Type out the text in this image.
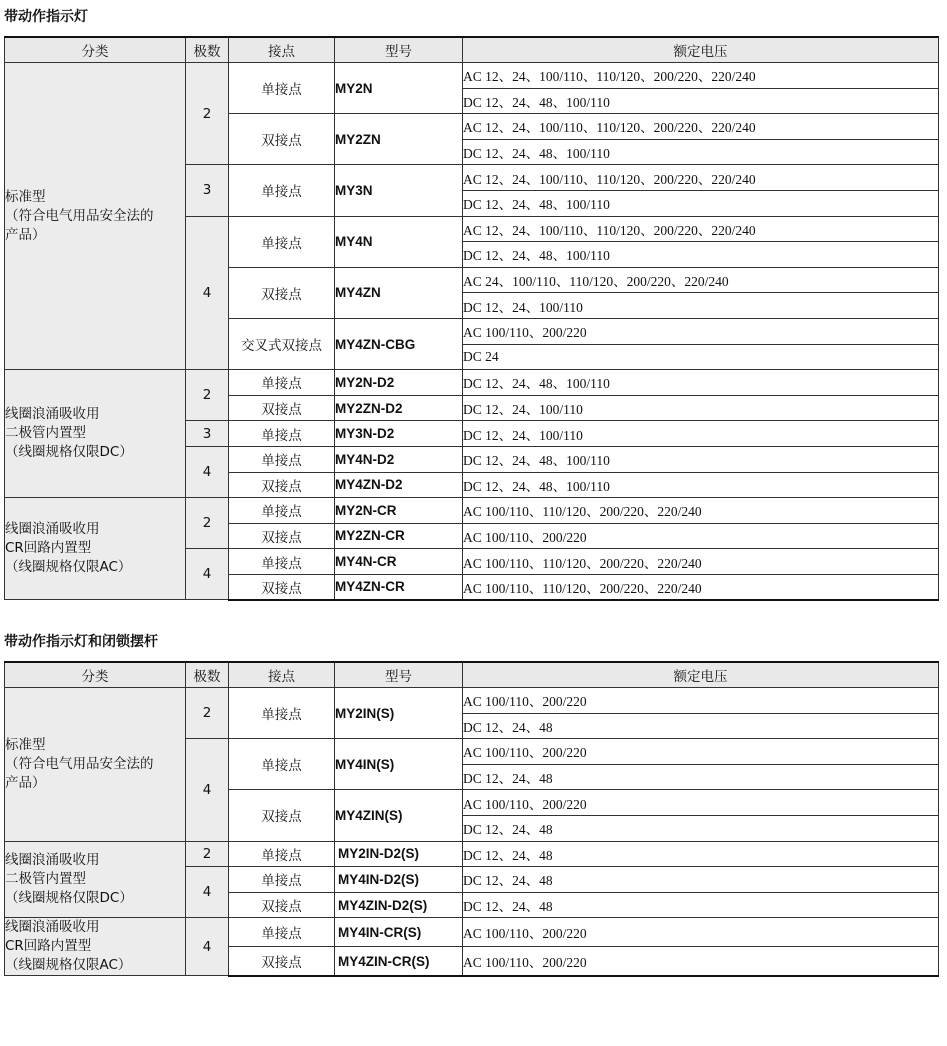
带动作指示灯
分类	极数	接点	型号	额定电压

标准型
（符合电气用品安全法的
产品）	2	单接点	MY2N	AC 12、24、100/110、110/120、200/220、220/240
				DC 12、24、48、100/110
		双接点	MY2ZN	AC 12、24、100/110、110/120、200/220、220/240
				DC 12、24、48、100/110
	3	单接点	MY3N	AC 12、24、100/110、110/120、200/220、220/240
				DC 12、24、48、100/110
	4	单接点	MY4N	AC 12、24、100/110、110/120、200/220、220/240
				DC 12、24、48、100/110
		双接点	MY4ZN	AC 24、100/110、110/120、200/220、220/240
				DC 12、24、100/110
		交叉式双接点	MY4ZN-CBG	AC 100/110、200/220
				DC 24

线圈浪涌吸收用
二极管内置型
（线圈规格仅限DC）	2	单接点	MY2N-D2	DC 12、24、48、100/110
		双接点	MY2ZN-D2	DC 12、24、100/110
	3	单接点	MY3N-D2	DC 12、24、100/110
	4	单接点	MY4N-D2	DC 12、24、48、100/110
		双接点	MY4ZN-D2	DC 12、24、48、100/110

线圈浪涌吸收用
CR回路内置型
（线圈规格仅限AC）	2	单接点	MY2N-CR	AC 100/110、110/120、200/220、220/240
		双接点	MY2ZN-CR	AC 100/110、200/220
	4	单接点	MY4N-CR	AC 100/110、110/120、200/220、220/240
		双接点	MY4ZN-CR	AC 100/110、110/120、200/220、220/240
带动作指示灯和闭锁摆杆
分类	极数	接点	型号	额定电压

标准型
（符合电气用品安全法的
产品）	2	单接点	MY2IN(S)	AC 100/110、200/220
				DC 12、24、48
	4	单接点	MY4IN(S)	AC 100/110、200/220
				DC 12、24、48
		双接点	MY4ZIN(S)	AC 100/110、200/220
				DC 12、24、48

线圈浪涌吸收用
二极管内置型
（线圈规格仅限DC）	2	单接点	MY2IN-D2(S)	DC 12、24、48
	4	单接点	MY4IN-D2(S)	DC 12、24、48
		双接点	MY4ZIN-D2(S)	DC 12、24、48

线圈浪涌吸收用
CR回路内置型
（线圈规格仅限AC）	4	单接点	MY4IN-CR(S)	AC 100/110、200/220
		双接点	MY4ZIN-CR(S)	AC 100/110、200/220
